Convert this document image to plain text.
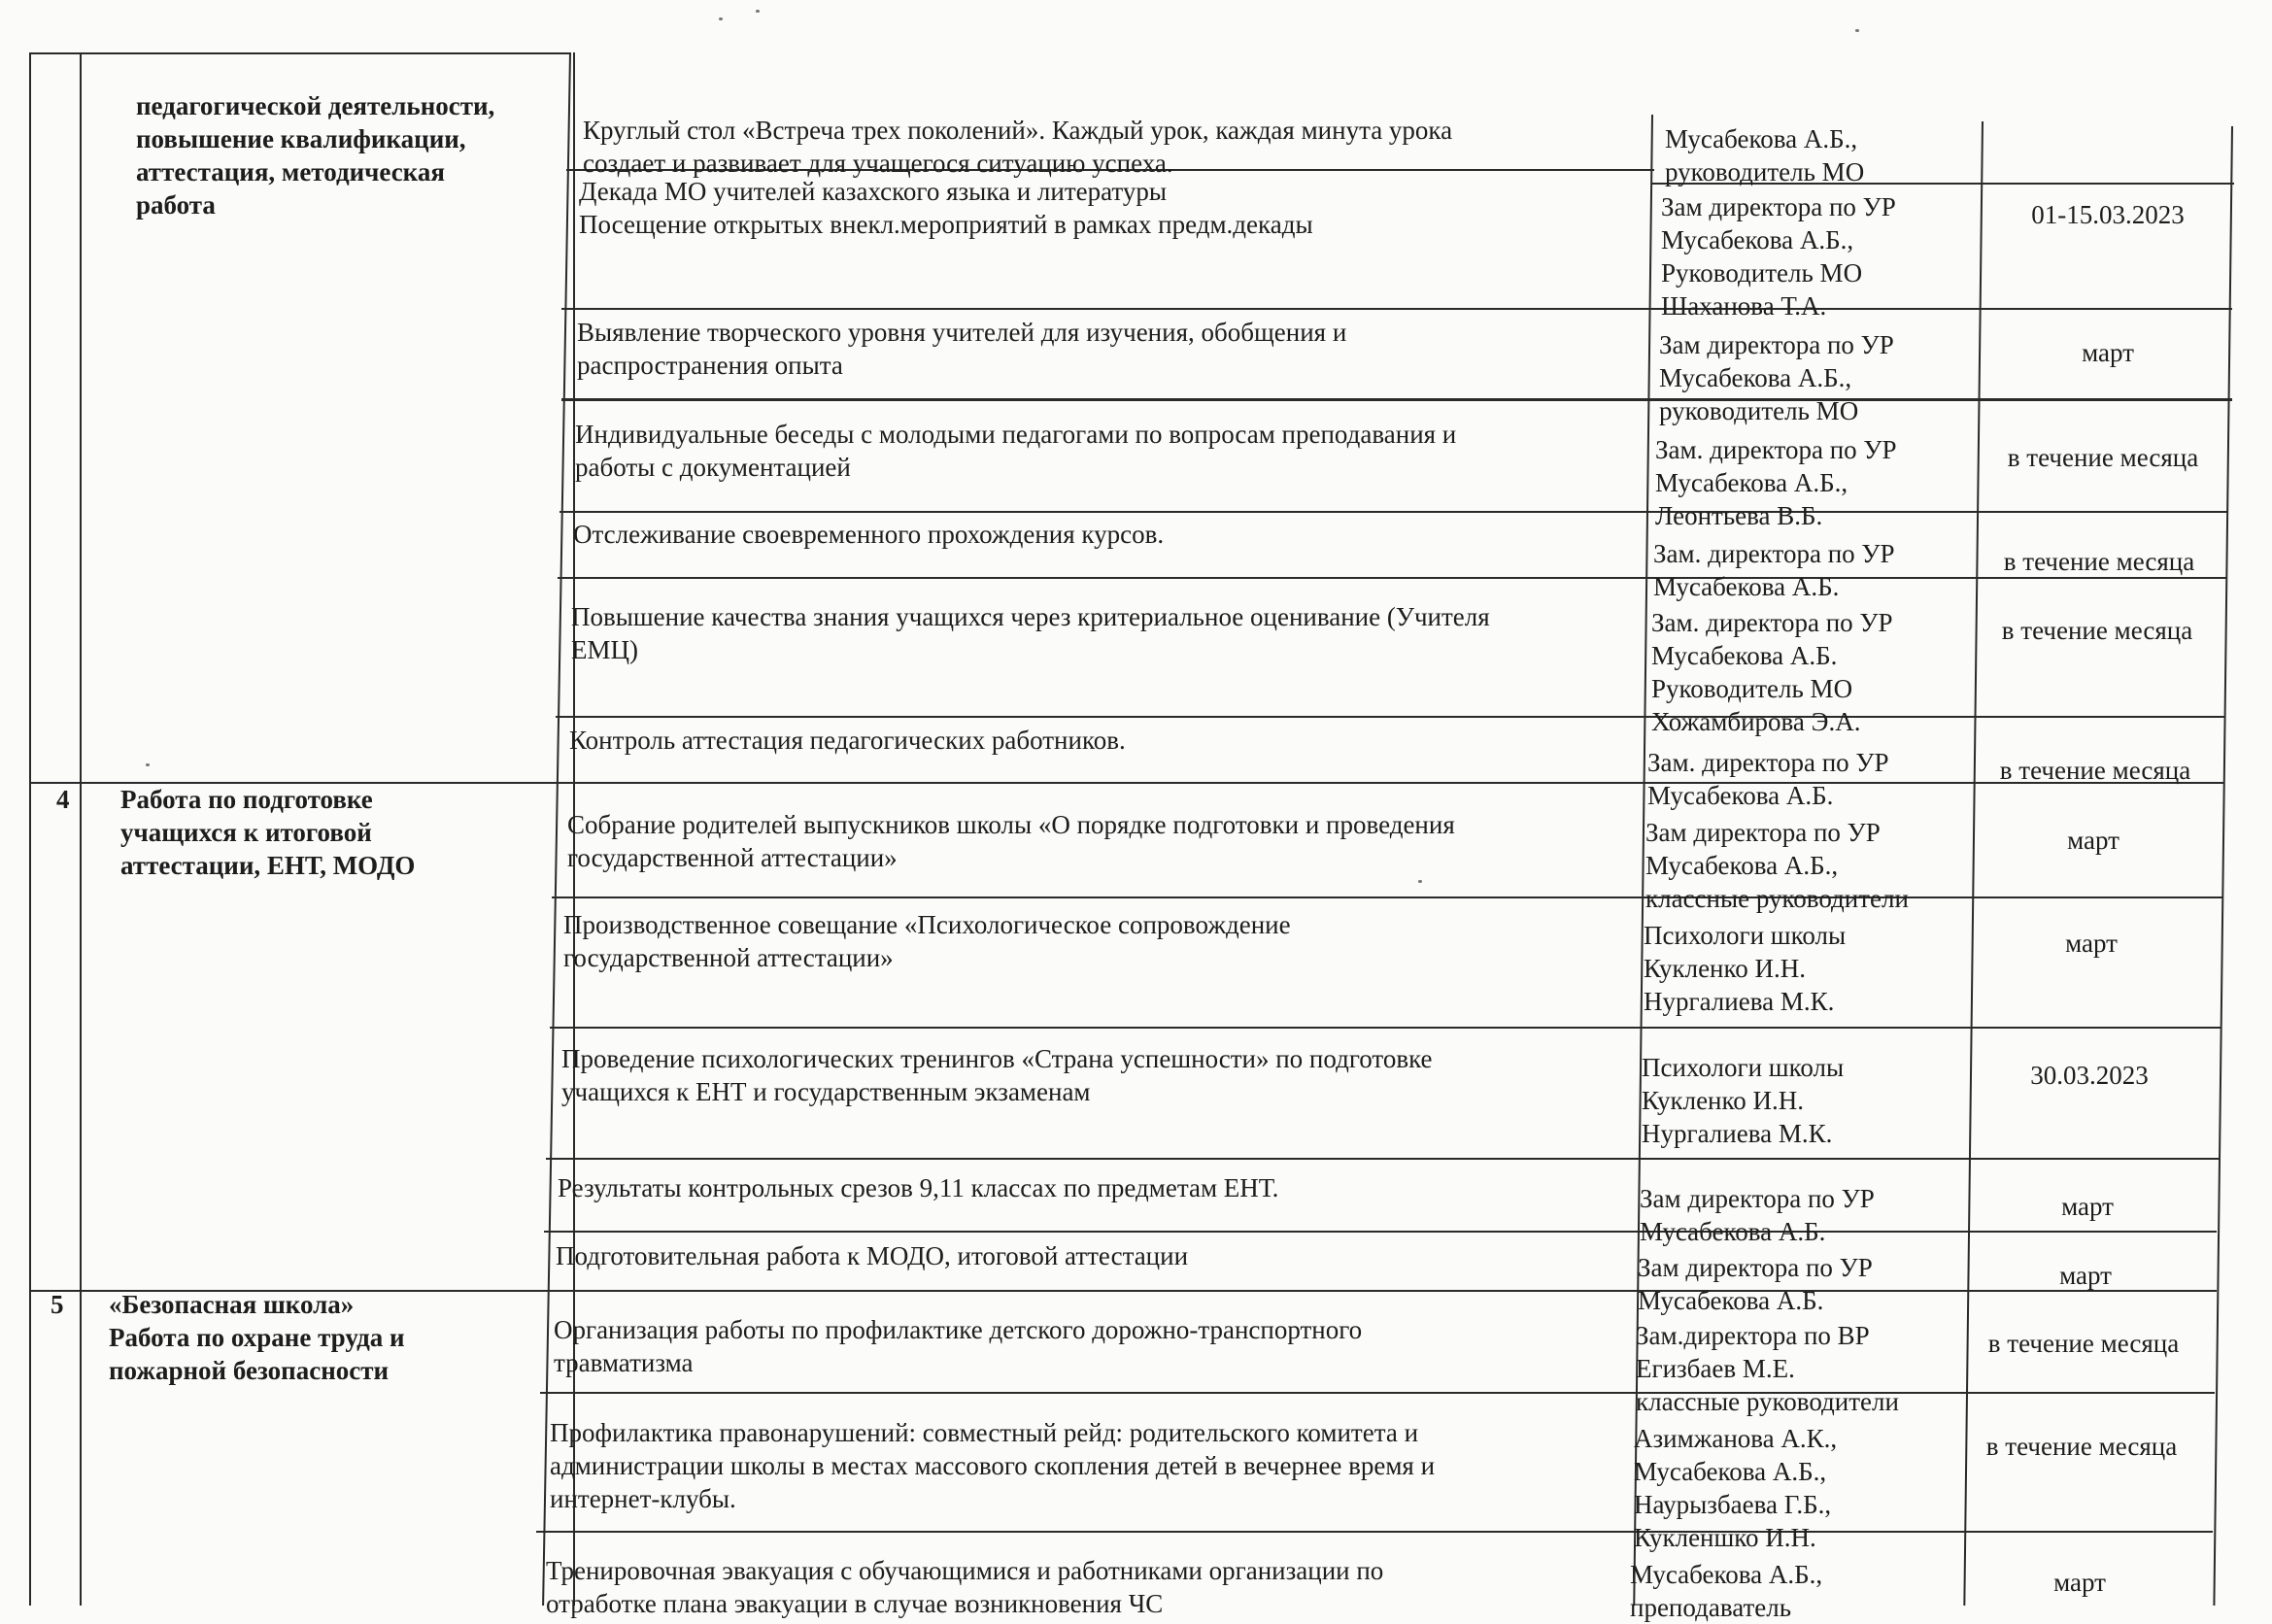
педагогической деятельности,
повышение квалификации,
аттестация, методическая
работа
4 Работа по подготовке
учащихся к итоговой
аттестации, ЕНТ, МОДО
5 «Безопасная школа»
Работа по охране труда и
пожарной безопасности
Круглый стол «Встреча трех поколений». Каждый урок, каждая минута урока
создает и развивает для учащегося ситуацию успеха.
Мусабекова А.Б.,
руководитель МО
Декада МО учителей казахского языка и литературы
Посещение открытых внекл.мероприятий в рамках предм.декады
Зам директора по УР
Мусабекова А.Б.,
Руководитель МО
Шаханова Т.А.
01-15.03.2023
Выявление творческого уровня учителей для изучения, обобщения и
распространения опыта
Зам директора по УР
Мусабекова А.Б.,
руководитель МО
март
Индивидуальные беседы с молодыми педагогами по вопросам преподавания и
работы с документацией
Зам. директора по УР
Мусабекова А.Б.,
Леонтьева В.Б.
в течение месяца
Отслеживание своевременного прохождения курсов.
Зам. директора по УР
Мусабекова А.Б.
в течение месяца
Повышение качества знания учащихся через критериальное оценивание (Учителя
ЕМЦ)
Зам. директора по УР
Мусабекова А.Б.
Руководитель МО
Хожамбирова Э.А.
в течение месяца
Контроль аттестация педагогических работников.
Зам. директора по УР
Мусабекова А.Б.
в течение месяца
Собрание родителей выпускников школы «О порядке подготовки и проведения
государственной аттестации»
Зам директора по УР
Мусабекова А.Б.,
классные руководители
март
Производственное совещание «Психологическое сопровождение
государственной аттестации»
Психологи школы
Кукленко И.Н.
Нургалиева М.К.
март
Проведение психологических тренингов «Страна успешности» по подготовке
учащихся к ЕНТ и государственным экзаменам
Психологи школы
Кукленко И.Н.
Нургалиева М.К.
30.03.2023
Результаты контрольных срезов 9,11 классах по предметам ЕНТ.	Зам директора по УР
Мусабекова А.Б.
март
Подготовительная работа к МОДО, итоговой аттестации	Зам директора по УР
Мусабекова А.Б.
март
Организация работы по профилактике детского дорожно-транспортного
травматизма
Зам.директора по ВР
Егизбаев М.Е.
классные руководители
в течение месяца
Профилактика правонарушений: совместный рейд: родительского комитета и
администрации школы в местах массового скопления детей в вечернее время и
интернет-клубы.
Азимжанова А.К.,
Мусабекова А.Б.,
Наурызбаева Г.Б.,
Кукленшко И.Н.
в течение месяца
Тренировочная эвакуация с обучающимися и работниками организации по
отработке плана эвакуации в случае возникновения ЧС
Мусабекова А.Б.,
преподаватель
март
